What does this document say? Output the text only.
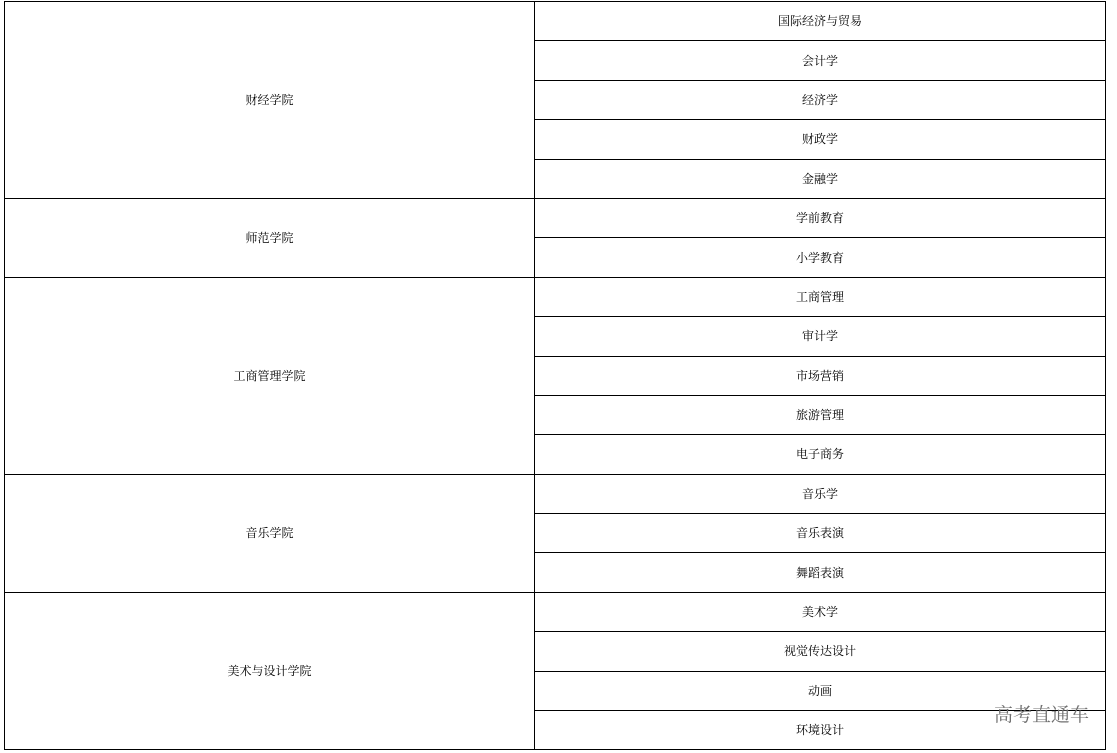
财经学院	国际经济与贸易
	会计学
	经济学
	财政学
	金融学
师范学院	学前教育
	小学教育
工商管理学院	工商管理
	审计学
	市场营销
	旅游管理
	电子商务
音乐学院	音乐学
	音乐表演
	舞蹈表演
美术与设计学院	美术学
	视觉传达设计
	动画
	环境设计
高考直通车
